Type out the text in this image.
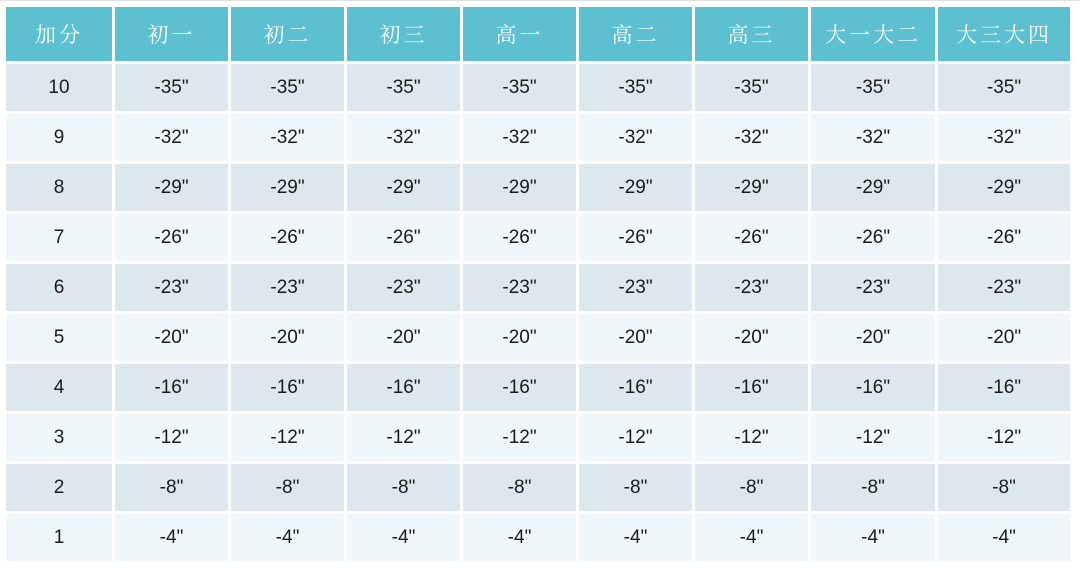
加分	初一	初二	初三	高一	高二	高三	大一大二	大三大四
10	-35"	-35"	-35"	-35"	-35"	-35"	-35"	-35"
9	-32"	-32"	-32"	-32"	-32"	-32"	-32"	-32"
8	-29"	-29"	-29"	-29"	-29"	-29"	-29"	-29"
7	-26"	-26"	-26"	-26"	-26"	-26"	-26"	-26"
6	-23"	-23"	-23"	-23"	-23"	-23"	-23"	-23"
5	-20"	-20"	-20"	-20"	-20"	-20"	-20"	-20"
4	-16"	-16"	-16"	-16"	-16"	-16"	-16"	-16"
3	-12"	-12"	-12"	-12"	-12"	-12"	-12"	-12"
2	-8"	-8"	-8"	-8"	-8"	-8"	-8"	-8"
1	-4"	-4"	-4"	-4"	-4"	-4"	-4"	-4"
